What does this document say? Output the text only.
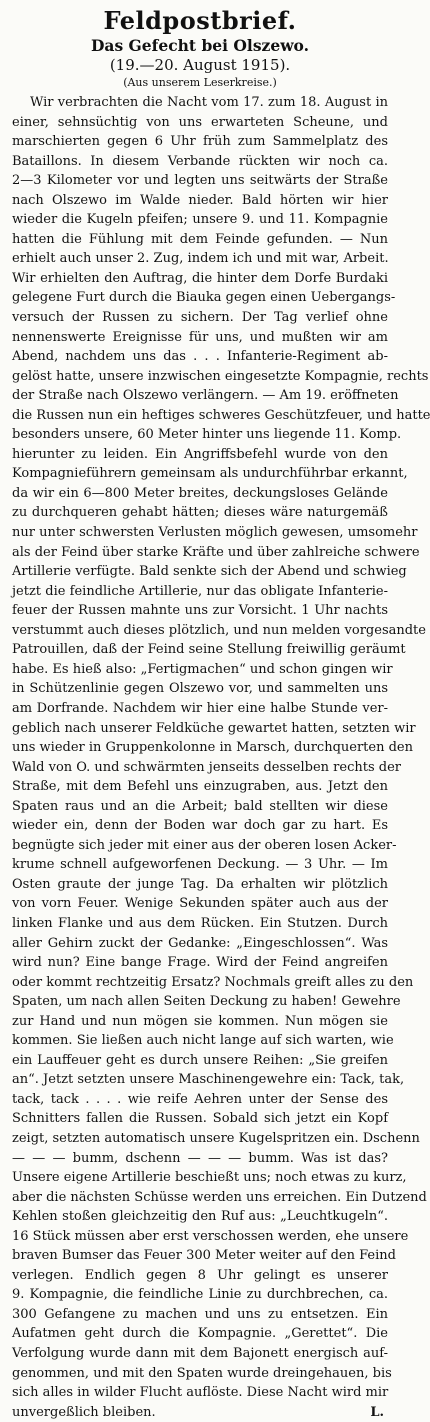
Feldpostbrief.
Das Gefecht bei Olszewo.
(19.—20. August 1915).
(Aus unserem Leserkreise.)
Wir verbrachten die Nacht vom 17. zum 18. August in
einer, sehnsüchtig von uns erwarteten Scheune, und
marschierten gegen 6 Uhr früh zum Sammelplatz des
Bataillons. In diesem Verbande rückten wir noch ca.
2—3 Kilometer vor und legten uns seitwärts der Straße
nach Olszewo im Walde nieder. Bald hörten wir hier
wieder die Kugeln pfeifen; unsere 9. und 11. Kompagnie
hatten die Fühlung mit dem Feinde gefunden. — Nun
erhielt auch unser 2. Zug, indem ich und mit war, Arbeit.
Wir erhielten den Auftrag, die hinter dem Dorfe Burdaki
gelegene Furt durch die Biauka gegen einen Uebergangs-
versuch der Russen zu sichern. Der Tag verlief ohne
nennenswerte Ereignisse für uns, und mußten wir am
Abend, nachdem uns das . . . Infanterie-Regiment ab-
gelöst hatte, unsere inzwischen eingesetzte Kompagnie, rechts
der Straße nach Olszewo verlängern. — Am 19. eröffneten
die Russen nun ein heftiges schweres Geschützfeuer, und hatte
besonders unsere, 60 Meter hinter uns liegende 11. Komp.
hierunter zu leiden. Ein Angriffsbefehl wurde von den
Kompagnieführern gemeinsam als undurchführbar erkannt,
da wir ein 6—800 Meter breites, deckungsloses Gelände
zu durchqueren gehabt hätten; dieses wäre naturgemäß
nur unter schwersten Verlusten möglich gewesen, umsomehr
als der Feind über starke Kräfte und über zahlreiche schwere
Artillerie verfügte. Bald senkte sich der Abend und schwieg
jetzt die feindliche Artillerie, nur das obligate Infanterie-
feuer der Russen mahnte uns zur Vorsicht. 1 Uhr nachts
verstummt auch dieses plötzlich, und nun melden vorgesandte
Patrouillen, daß der Feind seine Stellung freiwillig geräumt
habe. Es hieß also: „Fertigmachen“ und schon gingen wir
in Schützenlinie gegen Olszewo vor, und sammelten uns
am Dorfrande. Nachdem wir hier eine halbe Stunde ver-
geblich nach unserer Feldküche gewartet hatten, setzten wir
uns wieder in Gruppenkolonne in Marsch, durchquerten den
Wald von O. und schwärmten jenseits desselben rechts der
Straße, mit dem Befehl uns einzugraben, aus. Jetzt den
Spaten raus und an die Arbeit; bald stellten wir diese
wieder ein, denn der Boden war doch gar zu hart. Es
begnügte sich jeder mit einer aus der oberen losen Acker-
krume schnell aufgeworfenen Deckung. — 3 Uhr. — Im
Osten graute der junge Tag. Da erhalten wir plötzlich
von vorn Feuer. Wenige Sekunden später auch aus der
linken Flanke und aus dem Rücken. Ein Stutzen. Durch
aller Gehirn zuckt der Gedanke: „Eingeschlossen“. Was
wird nun? Eine bange Frage. Wird der Feind angreifen
oder kommt rechtzeitig Ersatz? Nochmals greift alles zu den
Spaten, um nach allen Seiten Deckung zu haben! Gewehre
zur Hand und nun mögen sie kommen. Nun mögen sie
kommen. Sie ließen auch nicht lange auf sich warten, wie
ein Lauffeuer geht es durch unsere Reihen: „Sie greifen
an“. Jetzt setzten unsere Maschinengewehre ein: Tack, tak,
tack, tack . . . . wie reife Aehren unter der Sense des
Schnitters fallen die Russen. Sobald sich jetzt ein Kopf
zeigt, setzten automatisch unsere Kugelspritzen ein. Dschenn
— — — bumm, dschenn — — — bumm. Was ist das?
Unsere eigene Artillerie beschießt uns; noch etwas zu kurz,
aber die nächsten Schüsse werden uns erreichen. Ein Dutzend
Kehlen stoßen gleichzeitig den Ruf aus: „Leuchtkugeln“.
16 Stück müssen aber erst verschossen werden, ehe unsere
braven Bumser das Feuer 300 Meter weiter auf den Feind
verlegen. Endlich gegen 8 Uhr gelingt es unserer
9. Kompagnie, die feindliche Linie zu durchbrechen, ca.
300 Gefangene zu machen und uns zu entsetzen. Ein
Aufatmen geht durch die Kompagnie. „Gerettet“. Die
Verfolgung wurde dann mit dem Bajonett energisch auf-
genommen, und mit den Spaten wurde dreingehauen, bis
sich alles in wilder Flucht auflöste. Diese Nacht wird mir
unvergeßlich bleiben.	L.
